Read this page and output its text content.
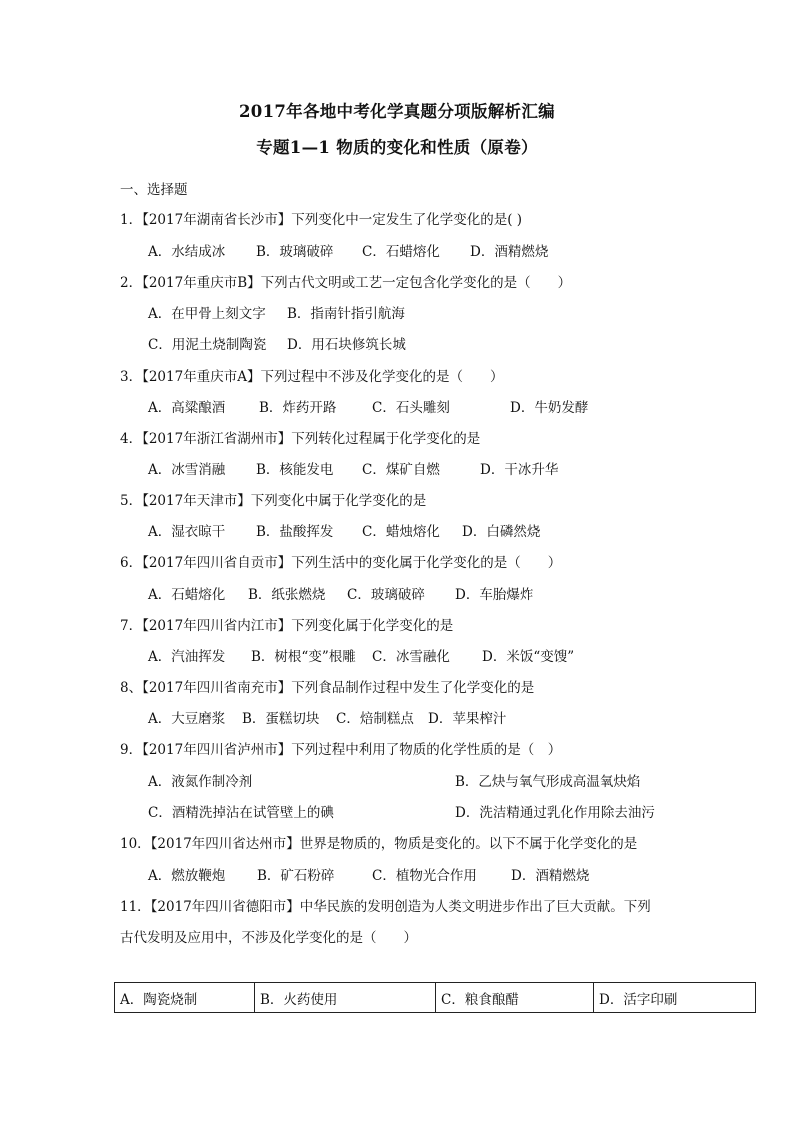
2017年各地中考化学真题分项版解析汇编
专题1—1 物质的变化和性质（原卷）
一、选择题
1．【2017年湖南省长沙市】下列变化中一定发生了化学变化的是( )
A．水结成冰 B．玻璃破碎 C．石蜡熔化 D．酒精燃烧
2．【2017年重庆市B】下列古代文明或工艺一定包含化学变化的是（　　）
A．在甲骨上刻文字 B．指南针指引航海
C．用泥土烧制陶瓷 D．用石块修筑长城
3．【2017年重庆市A】下列过程中不涉及化学变化的是（　　）
A．高粱酿酒	B．炸药开路	C．石头雕刻	D．牛奶发酵
4．【2017年浙江省湖州市】下列转化过程属于化学变化的是
A．冰雪消融 B．核能发电 C．煤矿自燃	D．干冰升华
5．【2017年天津市】下列变化中属于化学变化的是
A．湿衣晾干 B．盐酸挥发 C．蜡烛熔化 D．白磷然烧
6．【2017年四川省自贡市】下列生活中的变化属于化学变化的是（　　）
A．石蜡熔化 B．纸张燃烧 C．玻璃破碎 D．车胎爆炸
7．【2017年四川省内江市】下列变化属于化学变化的是
A．汽油挥发 B．树根“变”根雕 C．冰雪融化 D．米饭“变馊”
8、【2017年四川省南充市】下列食品制作过程中发生了化学变化的是
A．大豆磨浆 B．蛋糕切块 C．焙制糕点 D．苹果榨汁
9．【2017年四川省泸州市】下列过程中利用了物质的化学性质的是（　）
A．液氮作制冷剂	B．乙炔与氧气形成高温氧炔焰
C．酒精洗掉沾在试管壁上的碘	D．洗洁精通过乳化作用除去油污
10．【2017年四川省达州市】世界是物质的，物质是变化的。以下不属于化学变化的是
A．燃放鞭炮 B．矿石粉碎	C．植物光合作用	D．酒精燃烧
11．【2017年四川省德阳市】中华民族的发明创造为人类文明进步作出了巨大贡献。下列
古代发明及应用中，不涉及化学变化的是（　　）
A．陶瓷烧制	B．火药使用	C．粮食酿醋	D．活字印刷
